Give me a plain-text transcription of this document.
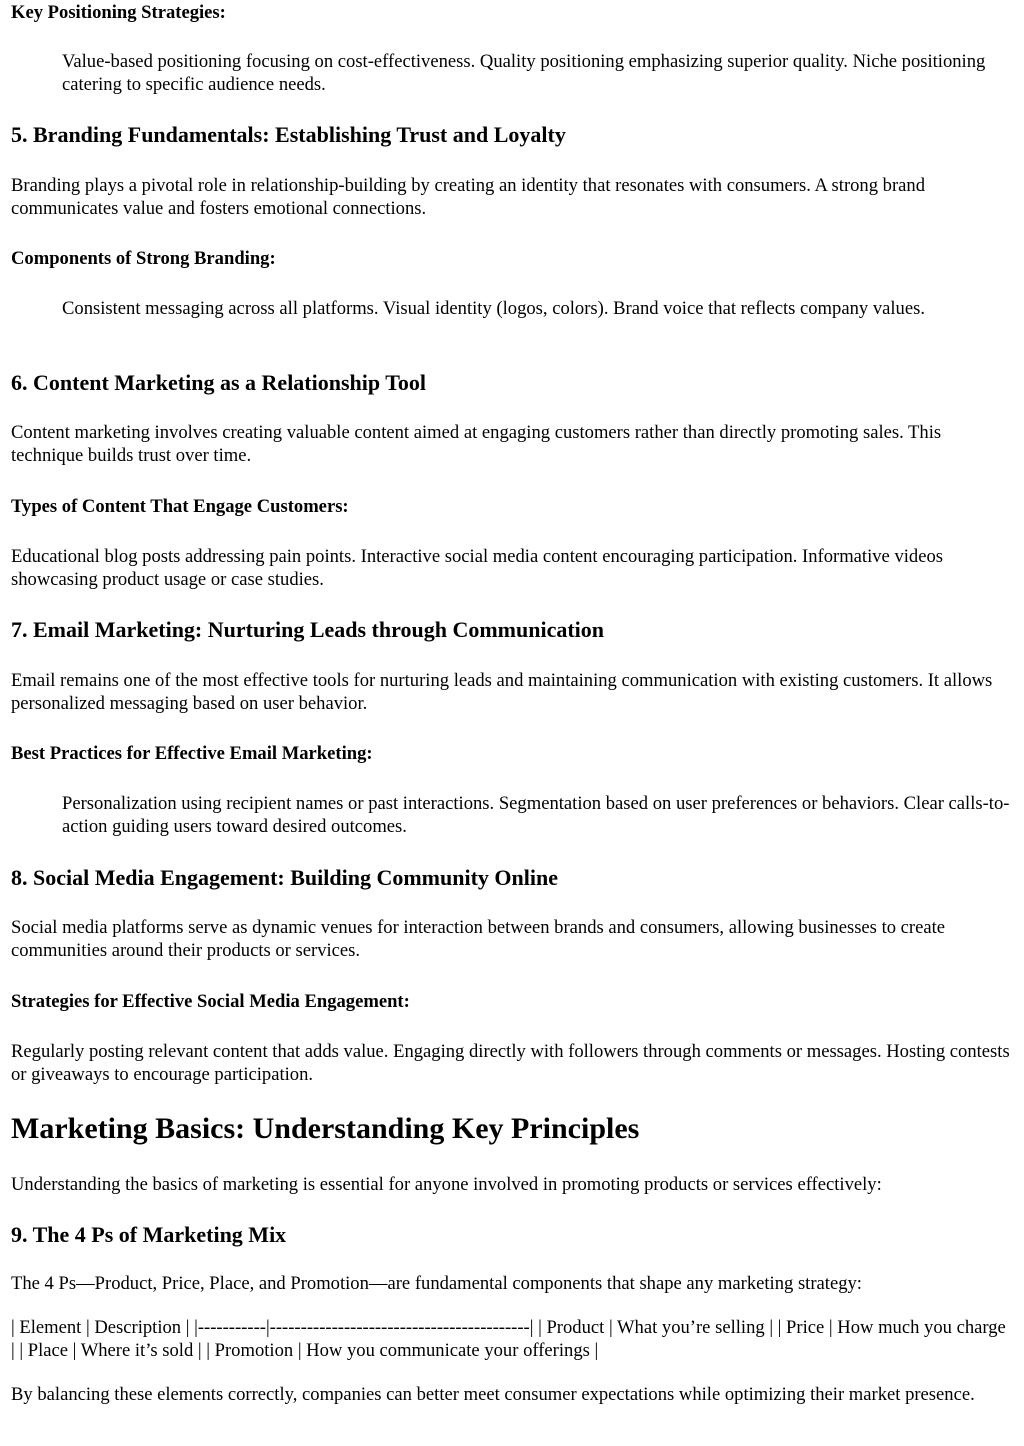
Key Positioning Strategies:
Value-based positioning focusing on cost-effectiveness. Quality positioning emphasizing superior quality. Niche positioning catering to specific audience needs.
5. Branding Fundamentals: Establishing Trust and Loyalty
Branding plays a pivotal role in relationship-building by creating an identity that resonates with consumers. A strong brand communicates value and fosters emotional connections.
Components of Strong Branding:
Consistent messaging across all platforms. Visual identity (logos, colors). Brand voice that reflects company values.
6. Content Marketing as a Relationship Tool
Content marketing involves creating valuable content aimed at engaging customers rather than directly promoting sales. This technique builds trust over time.
Types of Content That Engage Customers:
Educational blog posts addressing pain points. Interactive social media content encouraging participation. Informative videos showcasing product usage or case studies.
7. Email Marketing: Nurturing Leads through Communication
Email remains one of the most effective tools for nurturing leads and maintaining communication with existing customers. It allows personalized messaging based on user behavior.
Best Practices for Effective Email Marketing:
Personalization using recipient names or past interactions. Segmentation based on user preferences or behaviors. Clear calls-to-action guiding users toward desired outcomes.
8. Social Media Engagement: Building Community Online
Social media platforms serve as dynamic venues for interaction between brands and consumers, allowing businesses to create communities around their products or services.
Strategies for Effective Social Media Engagement:
Regularly posting relevant content that adds value. Engaging directly with followers through comments or messages. Hosting contests or giveaways to encourage participation.
Marketing Basics: Understanding Key Principles
Understanding the basics of marketing is essential for anyone involved in promoting products or services effectively:
9. The 4 Ps of Marketing Mix
The 4 Ps—Product, Price, Place, and Promotion—are fundamental components that shape any marketing strategy:
| Element | Description | |-----------|------------------------------------------| | Product | What you’re selling | | Price | How much you charge | | Place | Where it’s sold | | Promotion | How you communicate your offerings |
By balancing these elements correctly, companies can better meet consumer expectations while optimizing their market presence.
